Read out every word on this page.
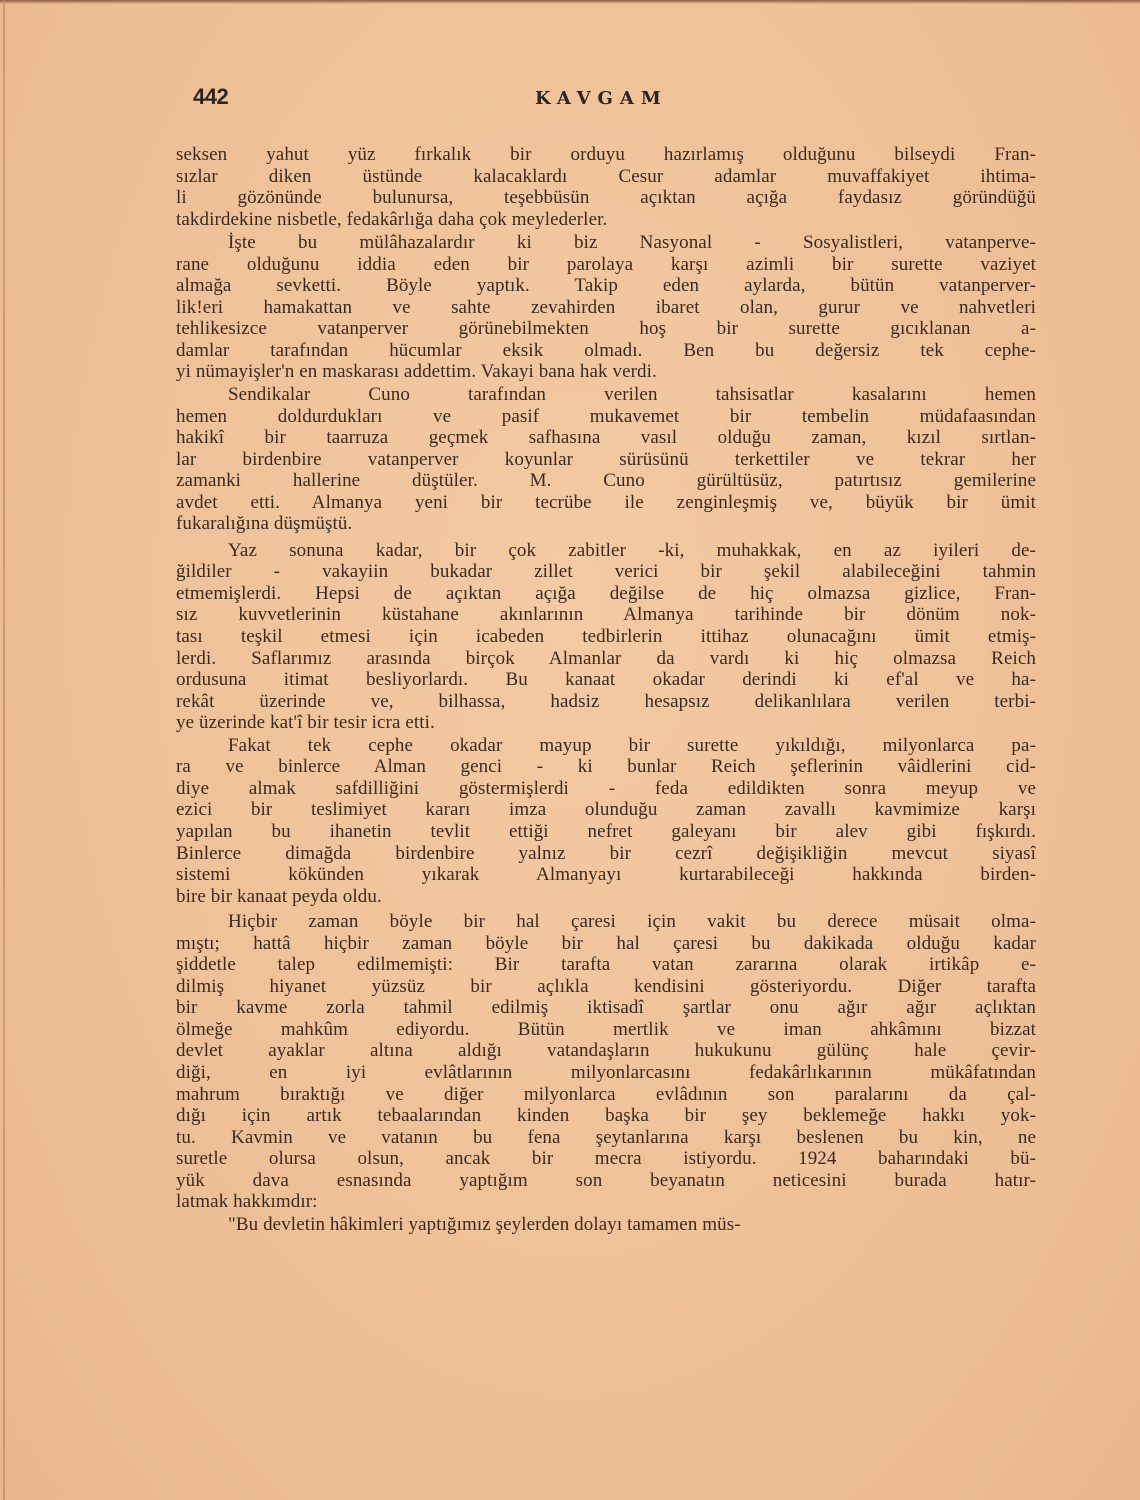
442	KAVGAM
seksen yahut yüz fırkalık bir orduyu hazırlamış olduğunu bilseydi Fran-
sızlar diken üstünde kalacaklardı Cesur adamlar muvaffakiyet ihtima-
li gözönünde bulunursa, teşebbüsün açıktan açığa faydasız göründüğü
takdirdekine nisbetle, fedakârlığa daha çok meylederler.
İşte bu mülâhazalardır ki biz Nasyonal - Sosyalistleri, vatanperve-
rane olduğunu iddia eden bir parolaya karşı azimli bir surette vaziyet
almağa sevketti. Böyle yaptık. Takip eden aylarda, bütün vatanperver-
lik!eri hamakattan ve sahte zevahirden ibaret olan, gurur ve nahvetleri
tehlikesizce vatanperver görünebilmekten hoş bir surette gıcıklanan a-
damlar tarafından hücumlar eksik olmadı. Ben bu değersiz tek cephe-
yi nümayişler'n en maskarası addettim. Vakayi bana hak verdi.
Sendikalar Cuno tarafından verilen tahsisatlar kasalarını hemen
hemen doldurdukları ve pasif mukavemet bir tembelin müdafaasından
hakikî bir taarruza geçmek safhasına vasıl olduğu zaman, kızıl sırtlan-
lar birdenbire vatanperver koyunlar sürüsünü terkettiler ve tekrar her
zamanki hallerine düştüler. M. Cuno gürültüsüz, patırtısız gemilerine
avdet etti. Almanya yeni bir tecrübe ile zenginleşmiş ve, büyük bir ümit
fukaralığına düşmüştü.
Yaz sonuna kadar, bir çok zabitler -ki, muhakkak, en az iyileri de-
ğildiler - vakayiin bukadar zillet verici bir şekil alabileceğini tahmin
etmemişlerdi. Hepsi de açıktan açığa değilse de hiç olmazsa gizlice, Fran-
sız kuvvetlerinin küstahane akınlarının Almanya tarihinde bir dönüm nok-
tası teşkil etmesi için icabeden tedbirlerin ittihaz olunacağını ümit etmiş-
lerdi. Saflarımız arasında birçok Almanlar da vardı ki hiç olmazsa Reich
ordusuna itimat besliyorlardı. Bu kanaat okadar derindi ki ef'al ve ha-
rekât üzerinde ve, bilhassa, hadsiz hesapsız delikanlılara verilen terbi-
ye üzerinde kat'î bir tesir icra etti.
Fakat tek cephe okadar mayup bir surette yıkıldığı, milyonlarca pa-
ra ve binlerce Alman genci - ki bunlar Reich şeflerinin vâidlerini cid-
diye almak safdilliğini göstermişlerdi - feda edildikten sonra meyup ve
ezici bir teslimiyet kararı imza olunduğu zaman zavallı kavmimize karşı
yapılan bu ihanetin tevlit ettiği nefret galeyanı bir alev gibi fışkırdı.
Binlerce dimağda birdenbire yalnız bir cezrî değişikliğin mevcut siyasî
sistemi kökünden yıkarak Almanyayı kurtarabileceği hakkında birden-
bire bir kanaat peyda oldu.
Hiçbir zaman böyle bir hal çaresi için vakit bu derece müsait olma-
mıştı; hattâ hiçbir zaman böyle bir hal çaresi bu dakikada olduğu kadar
şiddetle talep edilmemişti: Bir tarafta vatan zararına olarak irtikâp e-
dilmiş hiyanet yüzsüz bir açlıkla kendisini gösteriyordu. Diğer tarafta
bir kavme zorla tahmil edilmiş iktisadî şartlar onu ağır ağır açlıktan
ölmeğe mahkûm ediyordu. Bütün mertlik ve iman ahkâmını bizzat
devlet ayaklar altına aldığı vatandaşların hukukunu gülünç hale çevir-
diği, en iyi evlâtlarının milyonlarcasını fedakârlıkarının mükâfatından
mahrum bıraktığı ve diğer milyonlarca evlâdının son paralarını da çal-
dığı için artık tebaalarından kinden başka bir şey beklemeğe hakkı yok-
tu. Kavmin ve vatanın bu fena şeytanlarına karşı beslenen bu kin, ne
suretle olursa olsun, ancak bir mecra istiyordu. 1924 baharındaki bü-
yük dava esnasında yaptığım son beyanatın neticesini burada hatır-
latmak hakkımdır:
"Bu devletin hâkimleri yaptığımız şeylerden dolayı tamamen müs-
